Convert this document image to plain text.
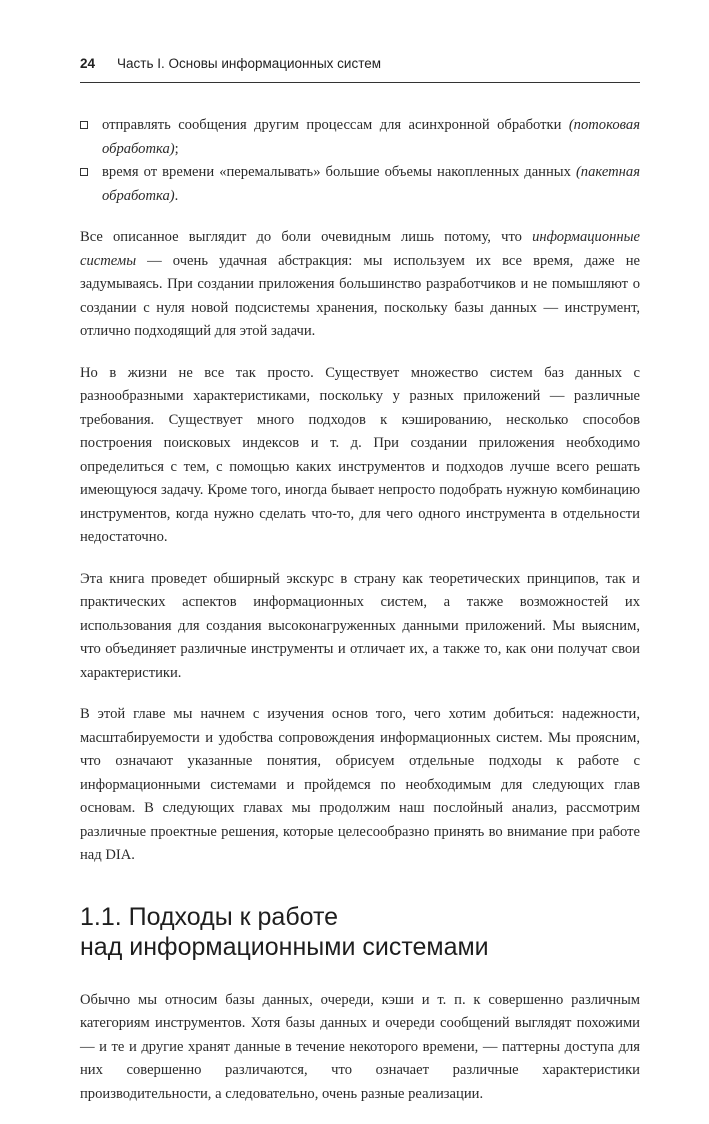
24 Часть I. Основы информационных систем
отправлять сообщения другим процессам для асинхронной обработки (потоковая обработка);
время от времени «перемалывать» большие объемы накопленных данных (пакетная обработка).

Все описанное выглядит до боли очевидным лишь потому, что информационные системы — очень удачная абстракция: мы используем их все время, даже не задумываясь. При создании приложения большинство разработчиков и не помышляют о создании с нуля новой подсистемы хранения, поскольку базы данных — инструмент, отлично подходящий для этой задачи.

Но в жизни не все так просто. Существует множество систем баз данных с разнообразными характеристиками, поскольку у разных приложений — различные требования. Существует много подходов к кэшированию, несколько способов построения поисковых индексов и т. д. При создании приложения необходимо определиться с тем, с помощью каких инструментов и подходов лучше всего решать имеющуюся задачу. Кроме того, иногда бывает непросто подобрать нужную комбинацию инструментов, когда нужно сделать что-то, для чего одного инструмента в отдельности недостаточно.

Эта книга проведет обширный экскурс в страну как теоретических принципов, так и практических аспектов информационных систем, а также возможностей их использования для создания высоконагруженных данными приложений. Мы выясним, что объединяет различные инструменты и отличает их, а также то, как они получат свои характеристики.

В этой главе мы начнем с изучения основ того, чего хотим добиться: надежности, масштабируемости и удобства сопровождения информационных систем. Мы проясним, что означают указанные понятия, обрисуем отдельные подходы к работе с информационными системами и пройдемся по необходимым для следующих глав основам. В следующих главах мы продолжим наш послойный анализ, рассмотрим различные проектные решения, которые целесообразно принять во внимание при работе над DIA.

1.1. Подходы к работе
над информационными системами

Обычно мы относим базы данных, очереди, кэши и т. п. к совершенно различным категориям инструментов. Хотя базы данных и очереди сообщений выглядят похожими — и те и другие хранят данные в течение некоторого времени, — паттерны доступа для них совершенно различаются, что означает различные характеристики производительности, а следовательно, очень разные реализации.
